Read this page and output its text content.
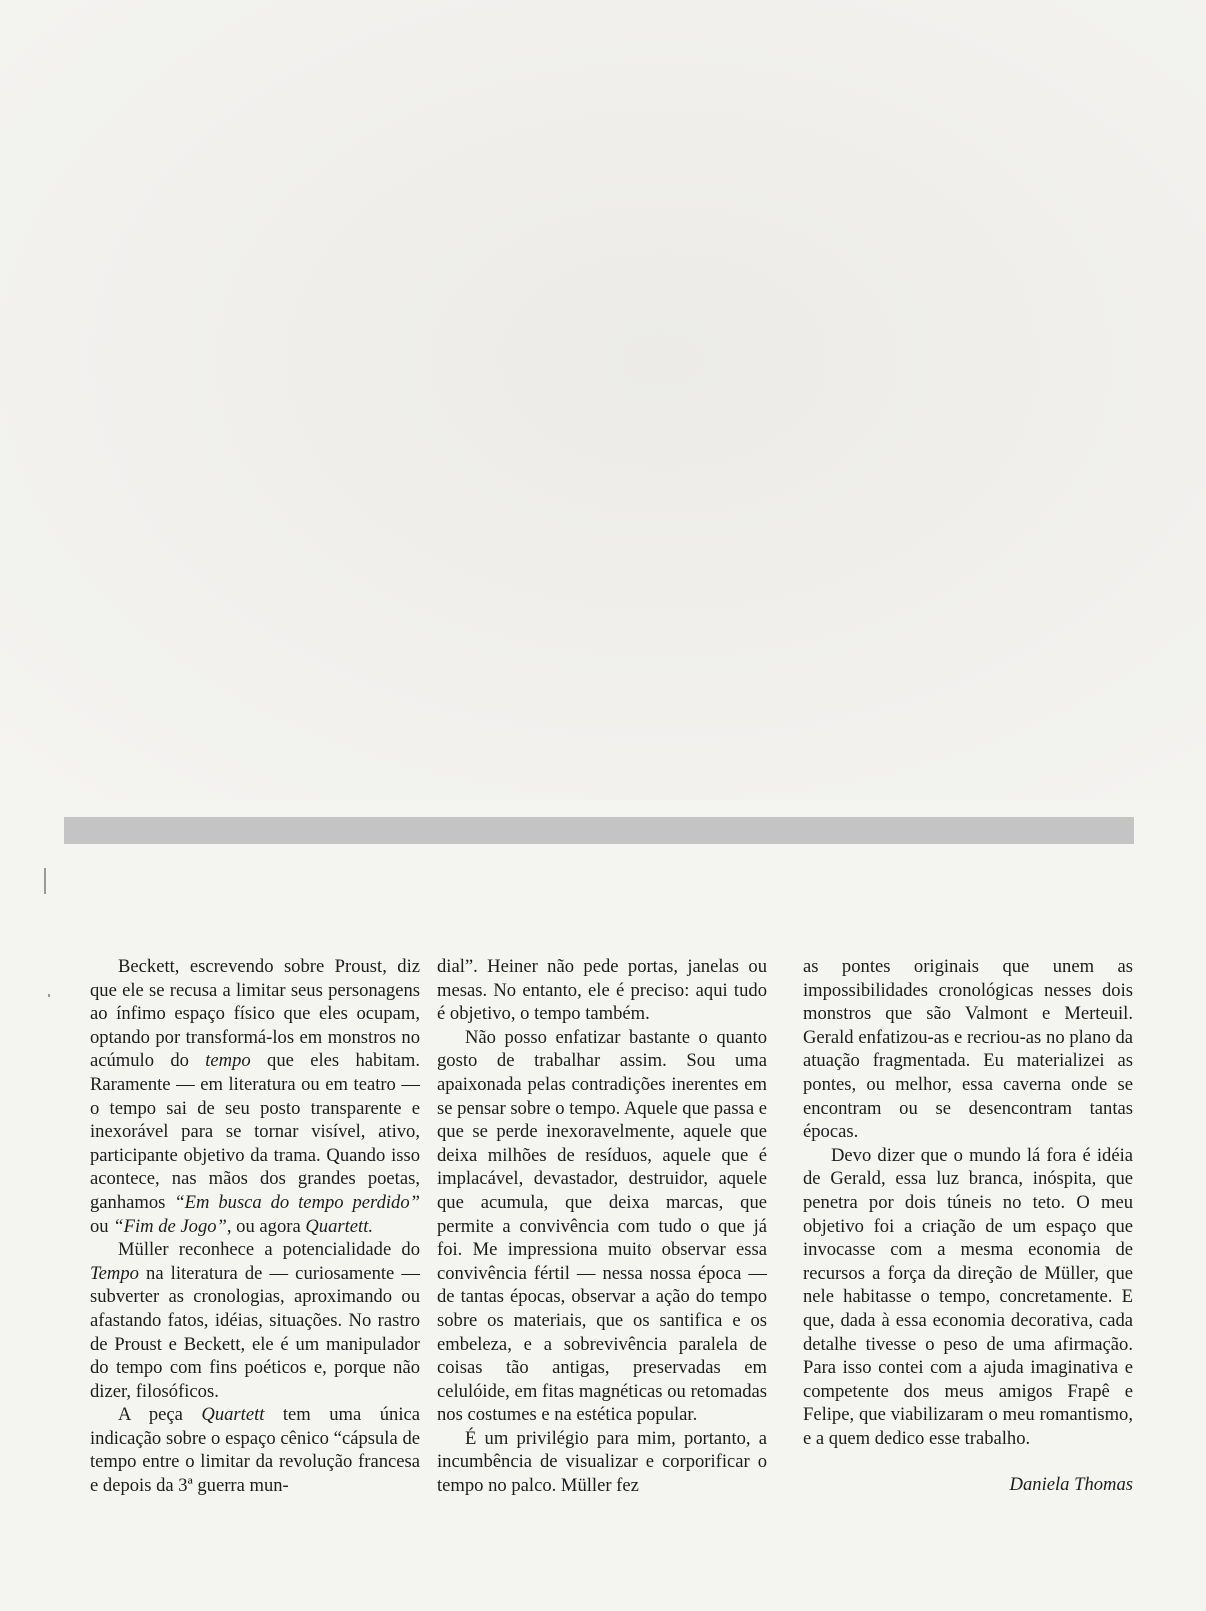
Beckett, escrevendo sobre Proust, diz que ele se recusa a limitar seus personagens ao ínfimo espaço físico que eles ocupam, optando por transformá-los em monstros no acúmulo do tempo que eles habitam. Raramente — em literatura ou em teatro — o tempo sai de seu posto transparente e inexorável para se tornar visível, ativo, participante objetivo da trama. Quando isso acontece, nas mãos dos grandes poetas, ganhamos “Em busca do tempo perdido” ou “Fim de Jogo”, ou agora Quartett.

Müller reconhece a potencialidade do Tempo na literatura de — curiosamente — subverter as cronologias, aproximando ou afastando fatos, idéias, situações. No rastro de Proust e Beckett, ele é um manipulador do tempo com fins poéticos e, porque não dizer, filosóficos.

A peça Quartett tem uma única indicação sobre o espaço cênico “cápsula de tempo entre o limitar da revolução francesa e depois da 3ª guerra mun-

dial”. Heiner não pede portas, janelas ou mesas. No entanto, ele é preciso: aqui tudo é objetivo, o tempo também.

Não posso enfatizar bastante o quanto gosto de trabalhar assim. Sou uma apaixonada pelas contradições inerentes em se pensar sobre o tempo. Aquele que passa e que se perde inexoravelmente, aquele que deixa milhões de resíduos, aquele que é implacável, devastador, destruidor, aquele que acumula, que deixa marcas, que permite a convivência com tudo o que já foi. Me impressiona muito observar essa convivência fértil — nessa nossa época — de tantas épocas, observar a ação do tempo sobre os materiais, que os santifica e os embeleza, e a sobrevivência paralela de coisas tão antigas, preservadas em celulóide, em fitas magnéticas ou retomadas nos costumes e na estética popular.

É um privilégio para mim, portanto, a incumbência de visualizar e corporificar o tempo no palco. Müller fez

as pontes originais que unem as impossibilidades cronológicas nesses dois monstros que são Valmont e Merteuil. Gerald enfatizou-as e recriou-as no plano da atuação fragmentada. Eu materializei as pontes, ou melhor, essa caverna onde se encontram ou se desencontram tantas épocas.

Devo dizer que o mundo lá fora é idéia de Gerald, essa luz branca, inóspita, que penetra por dois túneis no teto. O meu objetivo foi a criação de um espaço que invocasse com a mesma economia de recursos a força da direção de Müller, que nele habitasse o tempo, concretamente. E que, dada à essa economia decorativa, cada detalhe tivesse o peso de uma afirmação. Para isso contei com a ajuda imaginativa e competente dos meus amigos Frapê e Felipe, que viabilizaram o meu romantismo, e a quem dedico esse trabalho.

Daniela Thomas
